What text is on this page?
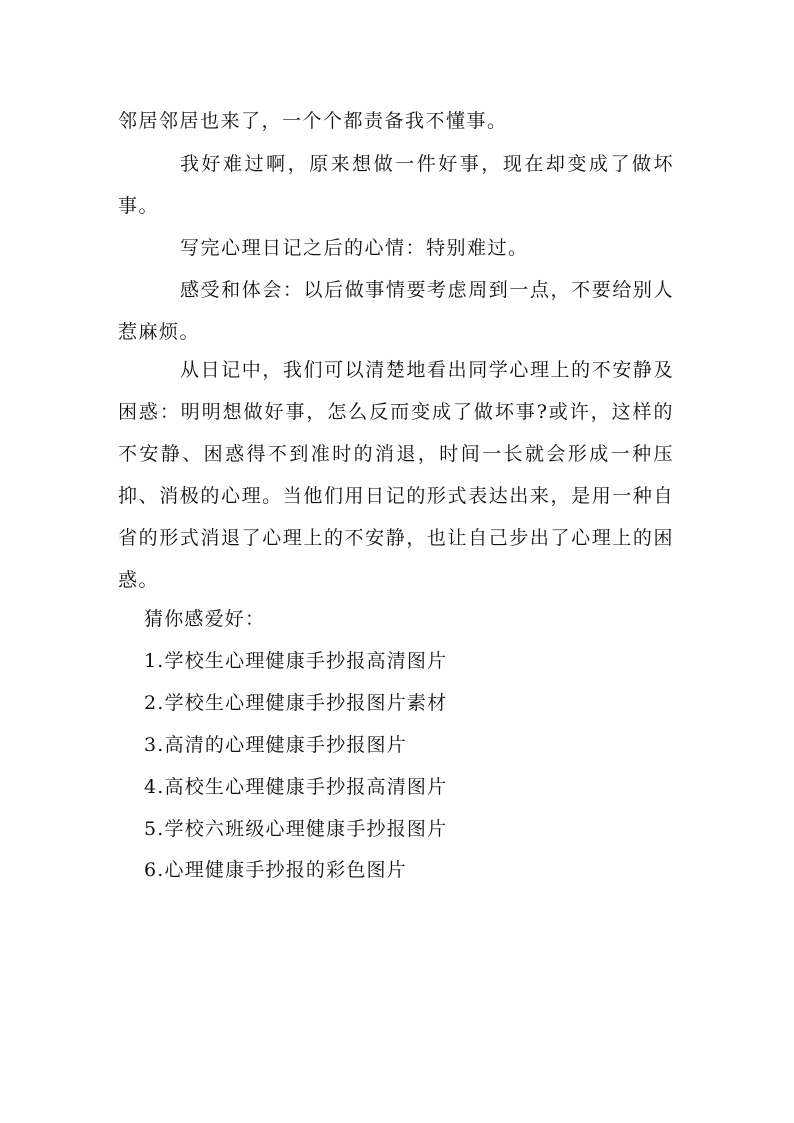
邻居邻居也来了，一个个都责备我不懂事。

我好难过啊，原来想做一件好事，现在却变成了做坏事。

写完心理日记之后的心情：特别难过。

感受和体会：以后做事情要考虑周到一点，不要给别人惹麻烦。

从日记中，我们可以清楚地看出同学心理上的不安静及困惑：明明想做好事，怎么反而变成了做坏事?或许，这样的不安静、困惑得不到准时的消退，时间一长就会形成一种压抑、消极的心理。当他们用日记的形式表达出来，是用一种自省的形式消退了心理上的不安静，也让自己步出了心理上的困惑。

猜你感爱好：

1.学校生心理健康手抄报高清图片
2.学校生心理健康手抄报图片素材
3.高清的心理健康手抄报图片
4.高校生心理健康手抄报高清图片
5.学校六班级心理健康手抄报图片
6.心理健康手抄报的彩色图片
